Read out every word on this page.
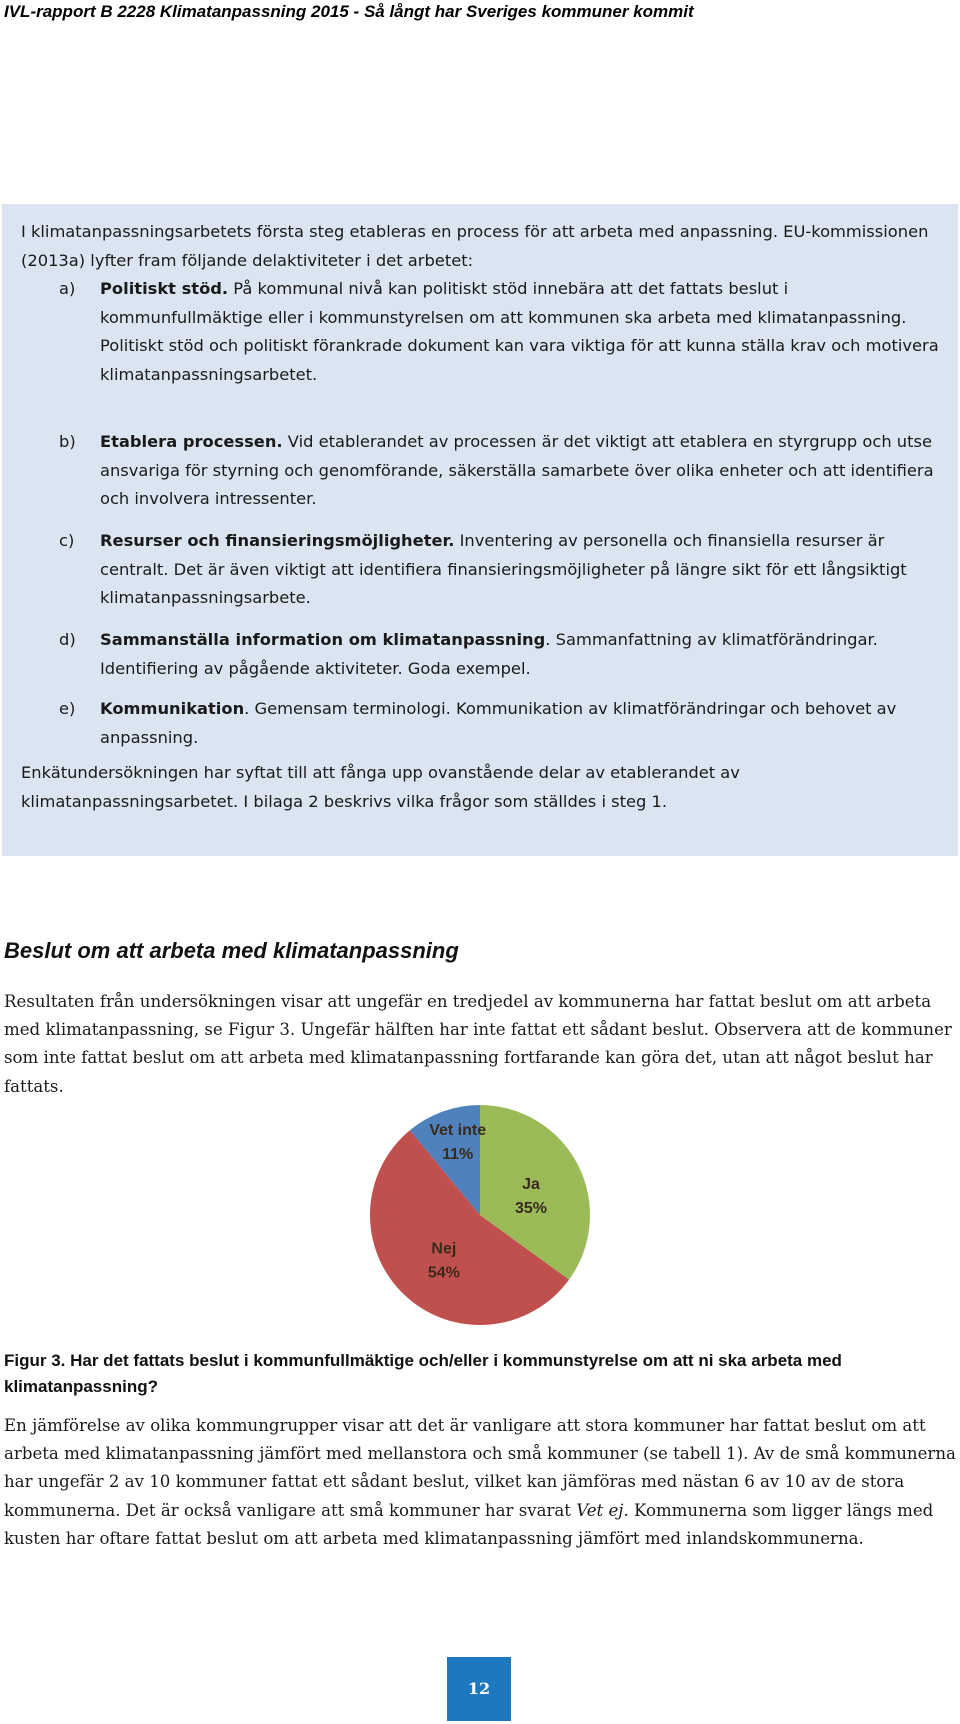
IVL-rapport B 2228 Klimatanpassning 2015 - Så långt har Sveriges kommuner kommit

I klimatanpassningsarbetets första steg etableras en process för att arbeta med anpassning. EU-kommissionen (2013a) lyfter fram följande delaktiviteter i det arbetet:

a) Politiskt stöd. På kommunal nivå kan politiskt stöd innebära att det fattats beslut i kommunfullmäktige eller i kommunstyrelsen om att kommunen ska arbeta med klimatanpassning. Politiskt stöd och politiskt förankrade dokument kan vara viktiga för att kunna ställa krav och motivera klimatanpassningsarbetet.
b) Etablera processen. Vid etablerandet av processen är det viktigt att etablera en styrgrupp och utse ansvariga för styrning och genomförande, säkerställa samarbete över olika enheter och att identifiera och involvera intressenter.
c) Resurser och finansieringsmöjligheter. Inventering av personella och finansiella resurser är centralt. Det är även viktigt att identifiera finansieringsmöjligheter på längre sikt för ett långsiktigt klimatanpassningsarbete.
d) Sammanställa information om klimatanpassning. Sammanfattning av klimatförändringar. Identifiering av pågående aktiviteter. Goda exempel.
e) Kommunikation. Gemensam terminologi. Kommunikation av klimatförändringar och behovet av anpassning.

Enkätundersökningen har syftat till att fånga upp ovanstående delar av etablerandet av klimatanpassningsarbetet. I bilaga 2 beskrivs vilka frågor som ställdes i steg 1.

Beslut om att arbeta med klimatanpassning

Resultaten från undersökningen visar att ungefär en tredjedel av kommunerna har fattat beslut om att arbeta med klimatanpassning, se Figur 3. Ungefär hälften har inte fattat ett sådant beslut. Observera att de kommuner som inte fattat beslut om att arbeta med klimatanpassning fortfarande kan göra det, utan att något beslut har fattats.

Ja
35%
Nej
54%
Vet inte
11%

Figur 3. Har det fattats beslut i kommunfullmäktige och/eller i kommunstyrelse om att ni ska arbeta med klimatanpassning?

En jämförelse av olika kommungrupper visar att det är vanligare att stora kommuner har fattat beslut om att arbeta med klimatanpassning jämfört med mellanstora och små kommuner (se tabell 1). Av de små kommunerna har ungefär 2 av 10 kommuner fattat ett sådant beslut, vilket kan jämföras med nästan 6 av 10 av de stora kommunerna. Det är också vanligare att små kommuner har svarat Vet ej. Kommunerna som ligger längs med kusten har oftare fattat beslut om att arbeta med klimatanpassning jämfört med inlandskommunerna.

12
